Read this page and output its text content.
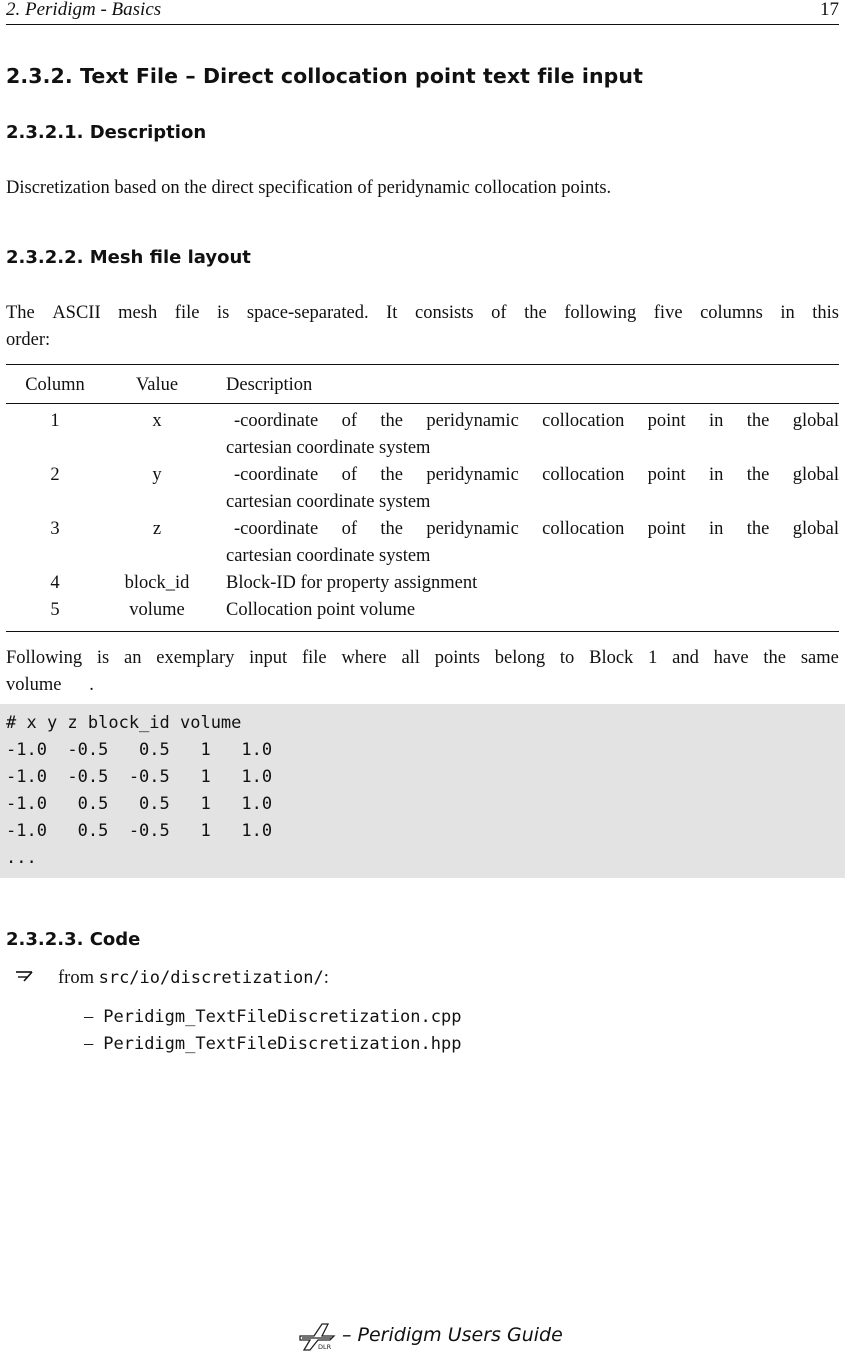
2. Peridigm - Basics	17
2.3.2. Text File – Direct collocation point text file input
2.3.2.1. Description
Discretization based on the direct specification of peridynamic collocation points.
2.3.2.2. Mesh file layout
The ASCII mesh file is space-separated. It consists of the following five columns in this
order:
Column	Value	Description
1	x	-coordinate of the peridynamic collocation point in the global
cartesian coordinate system
2	y	-coordinate of the peridynamic collocation point in the global
cartesian coordinate system
3	z	-coordinate of the peridynamic collocation point in the global
cartesian coordinate system
4	block_id	Block-ID for property assignment
5	volume	Collocation point volume
Following is an exemplary input file where all points belong to Block 1 and have the same
volume      .
# x y z block_id volume
-1.0  -0.5   0.5   1   1.0
-1.0  -0.5  -0.5   1   1.0
-1.0   0.5   0.5   1   1.0
-1.0   0.5  -0.5   1   1.0
...
2.3.2.3. Code
from src/io/discretization/:
– Peridigm_TextFileDiscretization.cpp
– Peridigm_TextFileDiscretization.hpp
DLR
– Peridigm Users Guide
